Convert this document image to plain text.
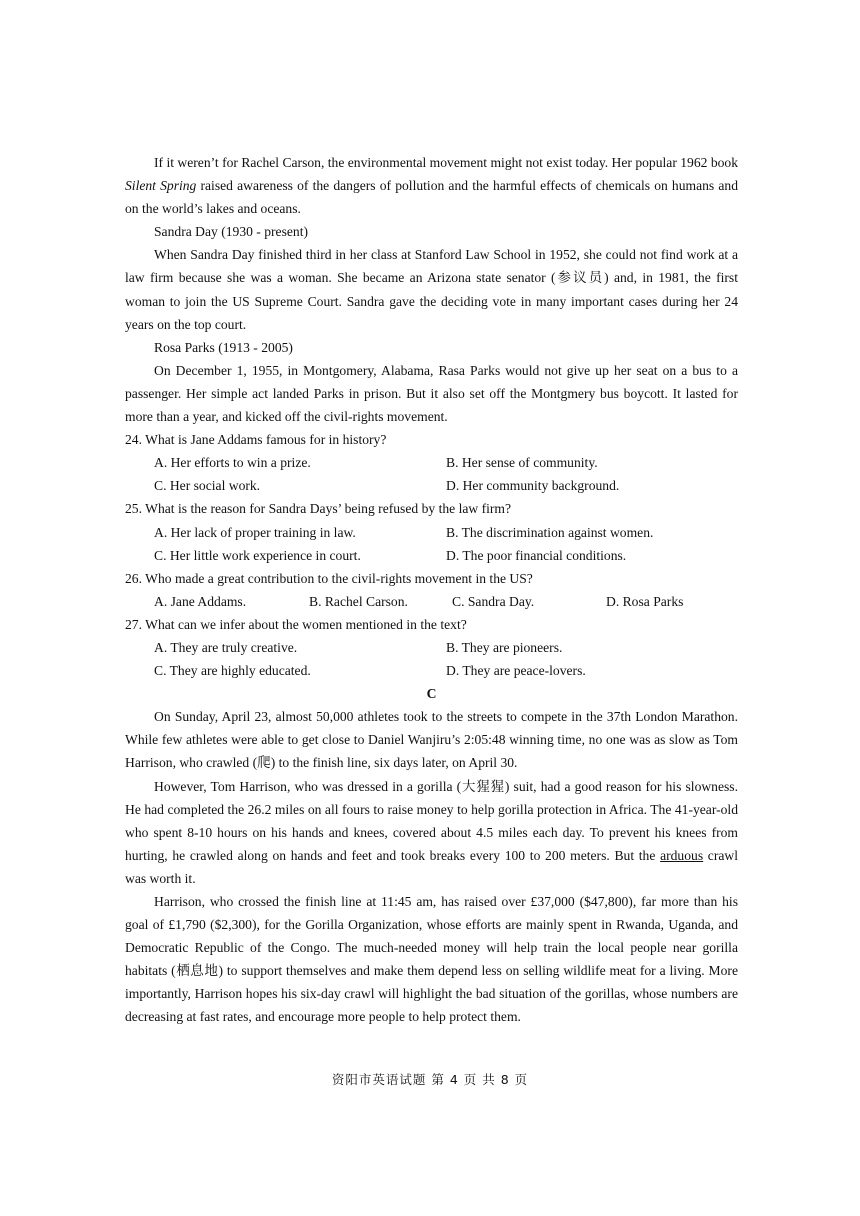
If it weren’t for Rachel Carson, the environmental movement might not exist today. Her popular 1962 book Silent Spring raised awareness of the dangers of pollution and the harmful effects of chemicals on humans and on the world’s lakes and oceans.

Sandra Day (1930 - present)

When Sandra Day finished third in her class at Stanford Law School in 1952, she could not find work at a law firm because she was a woman. She became an Arizona state senator (参议员) and, in 1981, the first woman to join the US Supreme Court. Sandra gave the deciding vote in many important cases during her 24 years on the top court.

Rosa Parks (1913 - 2005)

On December 1, 1955, in Montgomery, Alabama, Rasa Parks would not give up her seat on a bus to a passenger. Her simple act landed Parks in prison. But it also set off the Montgmery bus boycott. It lasted for more than a year, and kicked off the civil-rights movement.

24. What is Jane Addams famous for in history?

A. Her efforts to win a prize.	B. Her sense of community.
C. Her social work.	D. Her community background.

25. What is the reason for Sandra Days’ being refused by the law firm?

A. Her lack of proper training in law.	B. The discrimination against women.
C. Her little work experience in court.	D. The poor financial conditions.

26. Who made a great contribution to the civil-rights movement in the US?

A. Jane Addams.	B. Rachel Carson.	C. Sandra Day.	D. Rosa Parks

27. What can we infer about the women mentioned in the text?

A. They are truly creative.	B. They are pioneers.
C. They are highly educated.	D. They are peace-lovers.

C

On Sunday, April 23, almost 50,000 athletes took to the streets to compete in the 37th London Marathon. While few athletes were able to get close to Daniel Wanjiru’s 2:05:48 winning time, no one was as slow as Tom Harrison, who crawled (爬) to the finish line, six days later, on April 30.

However, Tom Harrison, who was dressed in a gorilla (大猩猩) suit, had a good reason for his slowness. He had completed the 26.2 miles on all fours to raise money to help gorilla protection in Africa. The 41-year-old who spent 8-10 hours on his hands and knees, covered about 4.5 miles each day. To prevent his knees from hurting, he crawled along on hands and feet and took breaks every 100 to 200 meters. But the arduous crawl was worth it.

Harrison, who crossed the finish line at 11:45 am, has raised over £37,000 ($47,800), far more than his goal of £1,790 ($2,300), for the Gorilla Organization, whose efforts are mainly spent in Rwanda, Uganda, and Democratic Republic of the Congo. The much-needed money will help train the local people near gorilla habitats (栖息地) to support themselves and make them depend less on selling wildlife meat for a living. More importantly, Harrison hopes his six-day crawl will highlight the bad situation of the gorillas, whose numbers are decreasing at fast rates, and encourage more people to help protect them.

资阳市英语试题 第 4 页 共 8 页
